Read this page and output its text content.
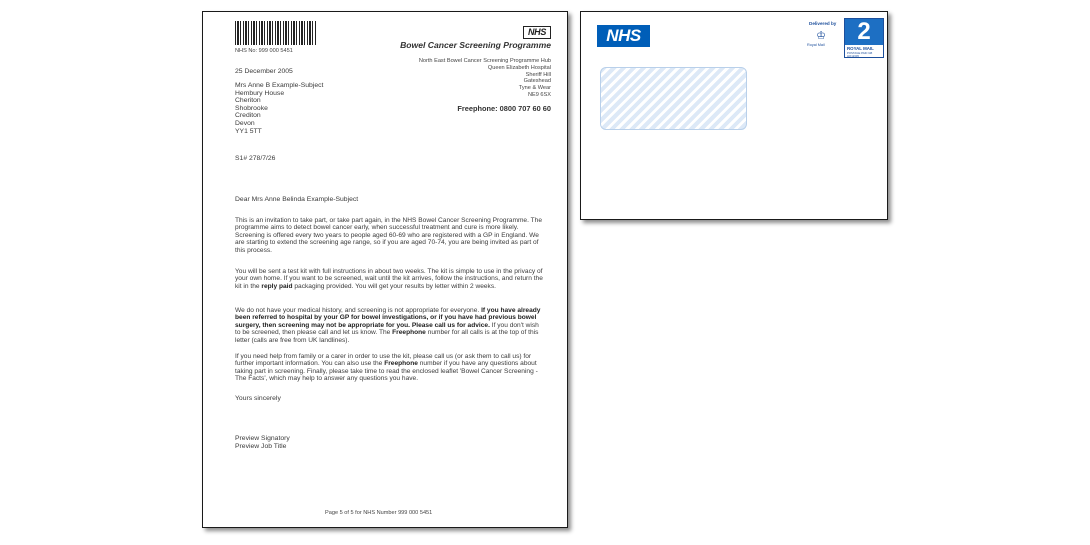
NHS No: 999 000 5451
NHS
Bowel Cancer Screening Programme
North East Bowel Cancer Screening Programme Hub
Queen Elizabeth Hospital
Sheriff Hill
Gateshead
Tyne & Wear
NE9 6SX
Freephone: 0800 707 60 60
25 December 2005
Mrs Anne B Example-Subject
Hembury House
Cheriton
Shobrooke
Crediton
Devon
YY1 5TT
S1# 278/7/26
Dear Mrs Anne Belinda Example-Subject
This is an invitation to take part, or take part again, in the NHS Bowel Cancer Screening Programme. The programme aims to detect bowel cancer early, when successful treatment and cure is more likely. Screening is offered every two years to people aged 60-69 who are registered with a GP in England. We are starting to extend the screening age range, so if you are aged 70-74, you are being invited as part of this process.
You will be sent a test kit with full instructions in about two weeks. The kit is simple to use in the privacy of your own home. If you want to be screened, wait until the kit arrives, follow the instructions, and return the kit in the reply paid packaging provided. You will get your results by letter within 2 weeks.
We do not have your medical history, and screening is not appropriate for everyone. If you have already been referred to hospital by your GP for bowel investigations, or if you have had previous bowel surgery, then screening may not be appropriate for you. Please call us for advice. If you don't wish to be screened, then please call and let us know. The Freephone number for all calls is at the top of this letter (calls are free from UK landlines).
If you need help from family or a carer in order to use the kit, please call us (or ask them to call us) for further important information. You can also use the Freephone number if you have any questions about taking part in screening. Finally, please take time to read the enclosed leaflet 'Bowel Cancer Screening - The Facts', which may help to answer any questions you have.
Yours sincerely
Preview Signatory
Preview Job Title
Page 5 of 5 for NHS Number 999 000 5451
NHS
Delivered by
♔
Royal Mail	2
ROYAL MAIL
POSTAGE PAID GB HQ12345
